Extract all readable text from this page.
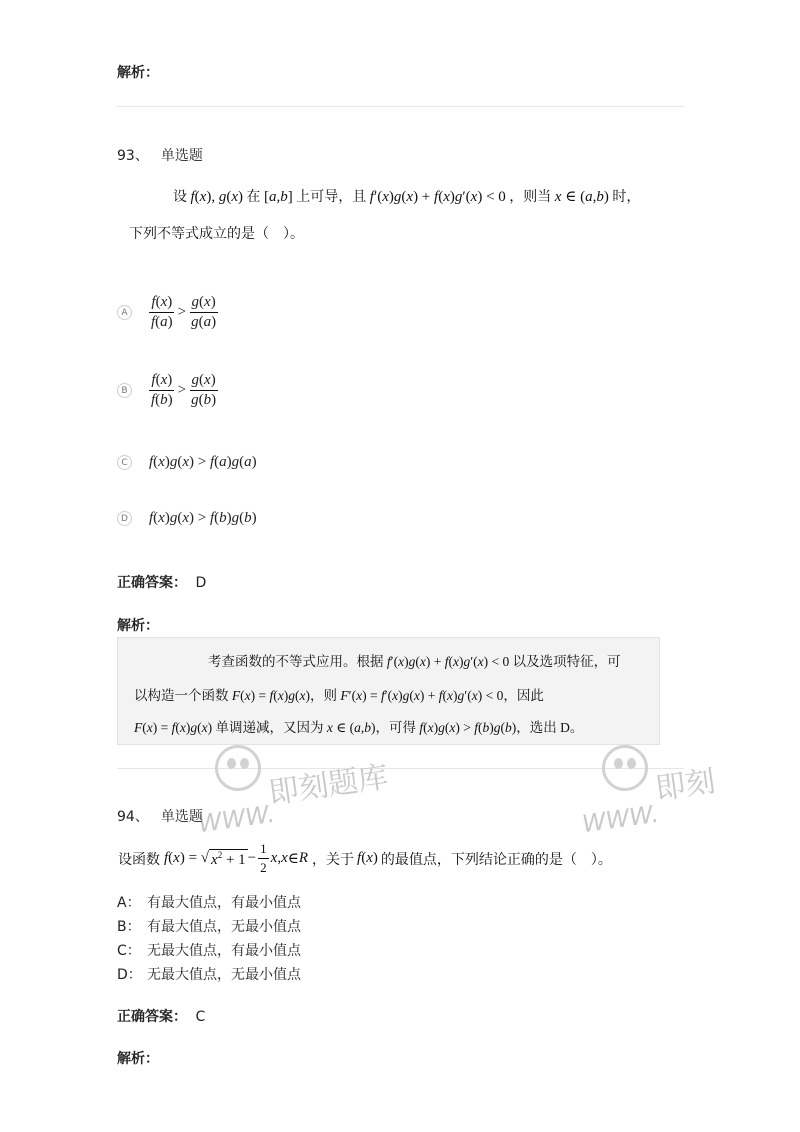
解析：
93、 单选题
设 f(x), g(x) 在 [a,b] 上可导，且 f′(x)g(x) + f(x)g′(x) < 0 ，则当 x ∈ (a,b) 时，
下列不等式成立的是（　）。
A $\frac{f(x)}{f(a)} > \frac{g(x)}{g(a)}$
B $\frac{f(x)}{f(b)} > \frac{g(x)}{g(b)}$
C f(x)g(x) > f(a)g(a)
D f(x)g(x) > f(b)g(b)
正确答案： D
解析：
考查函数的不等式应用。根据 f′(x)g(x) + f(x)g′(x) < 0 以及选项特征，可
以构造一个函数 F(x) = f(x)g(x)，则 F′(x) = f′(x)g(x) + f(x)g′(x) < 0，因此
F(x) = f(x)g(x) 单调递减，又因为 x ∈ (a,b)，可得 f(x)g(x) > f(b)g(b)，选出 D。
即刻题库
WWW.
即刻
WWW.
94、 单选题
设函数 f ( x ) = √ $x^2 + 1 - \frac{1}{2}$ x , x ∈ R ，关于 f(x) 的最值点，下列结论正确的是（　）。
A： 有最大值点，有最小值点
B： 有最大值点，无最小值点
C： 无最大值点，有最小值点
D： 无最大值点，无最小值点
正确答案： C
解析：
